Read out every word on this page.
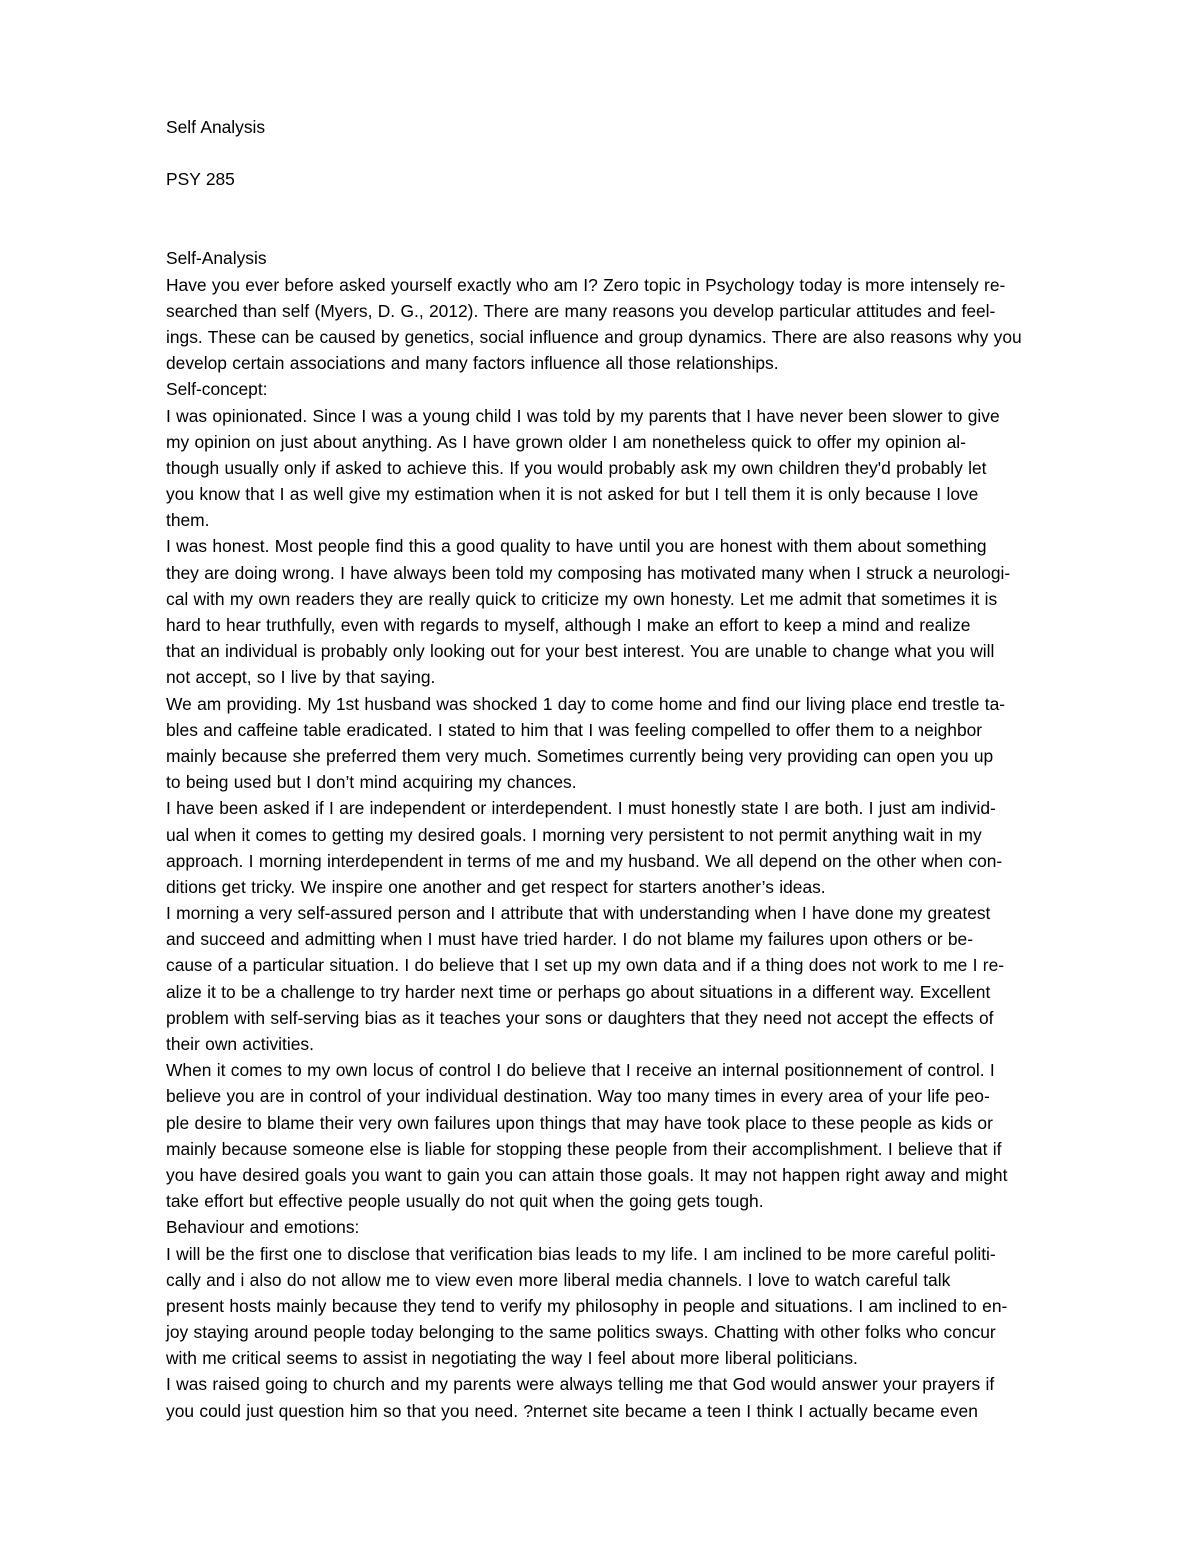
Self Analysis
PSY 285
Self-Analysis
Have you ever before asked yourself exactly who am I? Zero topic in Psychology today is more intensely re-
searched than self (Myers, D. G., 2012). There are many reasons you develop particular attitudes and feel-
ings. These can be caused by genetics, social influence and group dynamics. There are also reasons why you
develop certain associations and many factors influence all those relationships.
Self-concept:
I was opinionated. Since I was a young child I was told by my parents that I have never been slower to give
my opinion on just about anything. As I have grown older I am nonetheless quick to offer my opinion al-
though usually only if asked to achieve this. If you would probably ask my own children they'd probably let
you know that I as well give my estimation when it is not asked for but I tell them it is only because I love
them.
I was honest. Most people find this a good quality to have until you are honest with them about something
they are doing wrong. I have always been told my composing has motivated many when I struck a neurologi-
cal with my own readers they are really quick to criticize my own honesty. Let me admit that sometimes it is
hard to hear truthfully, even with regards to myself, although I make an effort to keep a mind and realize
that an individual is probably only looking out for your best interest. You are unable to change what you will
not accept, so I live by that saying.
We am providing. My 1st husband was shocked 1 day to come home and find our living place end trestle ta-
bles and caffeine table eradicated. I stated to him that I was feeling compelled to offer them to a neighbor
mainly because she preferred them very much. Sometimes currently being very providing can open you up
to being used but I don’t mind acquiring my chances.
I have been asked if I are independent or interdependent. I must honestly state I are both. I just am individ-
ual when it comes to getting my desired goals. I morning very persistent to not permit anything wait in my
approach. I morning interdependent in terms of me and my husband. We all depend on the other when con-
ditions get tricky. We inspire one another and get respect for starters another’s ideas.
I morning a very self-assured person and I attribute that with understanding when I have done my greatest
and succeed and admitting when I must have tried harder. I do not blame my failures upon others or be-
cause of a particular situation. I do believe that I set up my own data and if a thing does not work to me I re-
alize it to be a challenge to try harder next time or perhaps go about situations in a different way. Excellent
problem with self-serving bias as it teaches your sons or daughters that they need not accept the effects of
their own activities.
When it comes to my own locus of control I do believe that I receive an internal positionnement of control. I
believe you are in control of your individual destination. Way too many times in every area of your life peo-
ple desire to blame their very own failures upon things that may have took place to these people as kids or
mainly because someone else is liable for stopping these people from their accomplishment. I believe that if
you have desired goals you want to gain you can attain those goals. It may not happen right away and might
take effort but effective people usually do not quit when the going gets tough.
Behaviour and emotions:
I will be the first one to disclose that verification bias leads to my life. I am inclined to be more careful politi-
cally and i also do not allow me to view even more liberal media channels. I love to watch careful talk
present hosts mainly because they tend to verify my philosophy in people and situations. I am inclined to en-
joy staying around people today belonging to the same politics sways. Chatting with other folks who concur
with me critical seems to assist in negotiating the way I feel about more liberal politicians.
I was raised going to church and my parents were always telling me that God would answer your prayers if
you could just question him so that you need. ?nternet site became a teen I think I actually became even
